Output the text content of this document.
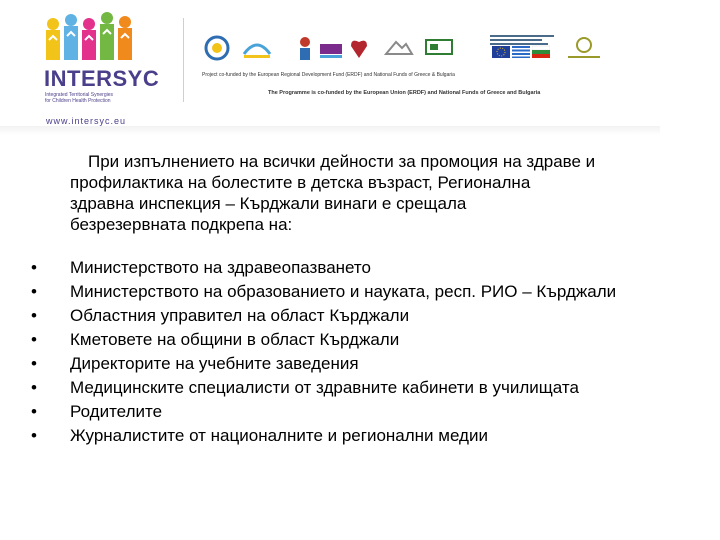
INTERSYC
Integrated Territorial Synergies for Children Health Protection
www.intersyc.eu
Project co-funded by the European Regional Development Fund (ERDF) and National Funds of Greece & Bulgaria
The Programme is co-funded by the European Union (ERDF) and National Funds of Greece and Bulgaria
При изпълнението на всички дейности за промоция на здраве и
профилактика на болестите в детска възраст, Регионална
здравна инспекция – Кърджали винаги е срещала
безрезервната подкрепа на:
• Министерството на здравеопазването
• Министерството на образованието и науката, респ. РИО – Кърджали
• Областния управител на област Кърджали
• Кметовете на общини в област Кърджали
• Директорите на учебните заведения
• Медицинските специалисти от здравните кабинети в училищата
• Родителите
• Журналистите от националните и регионални медии
